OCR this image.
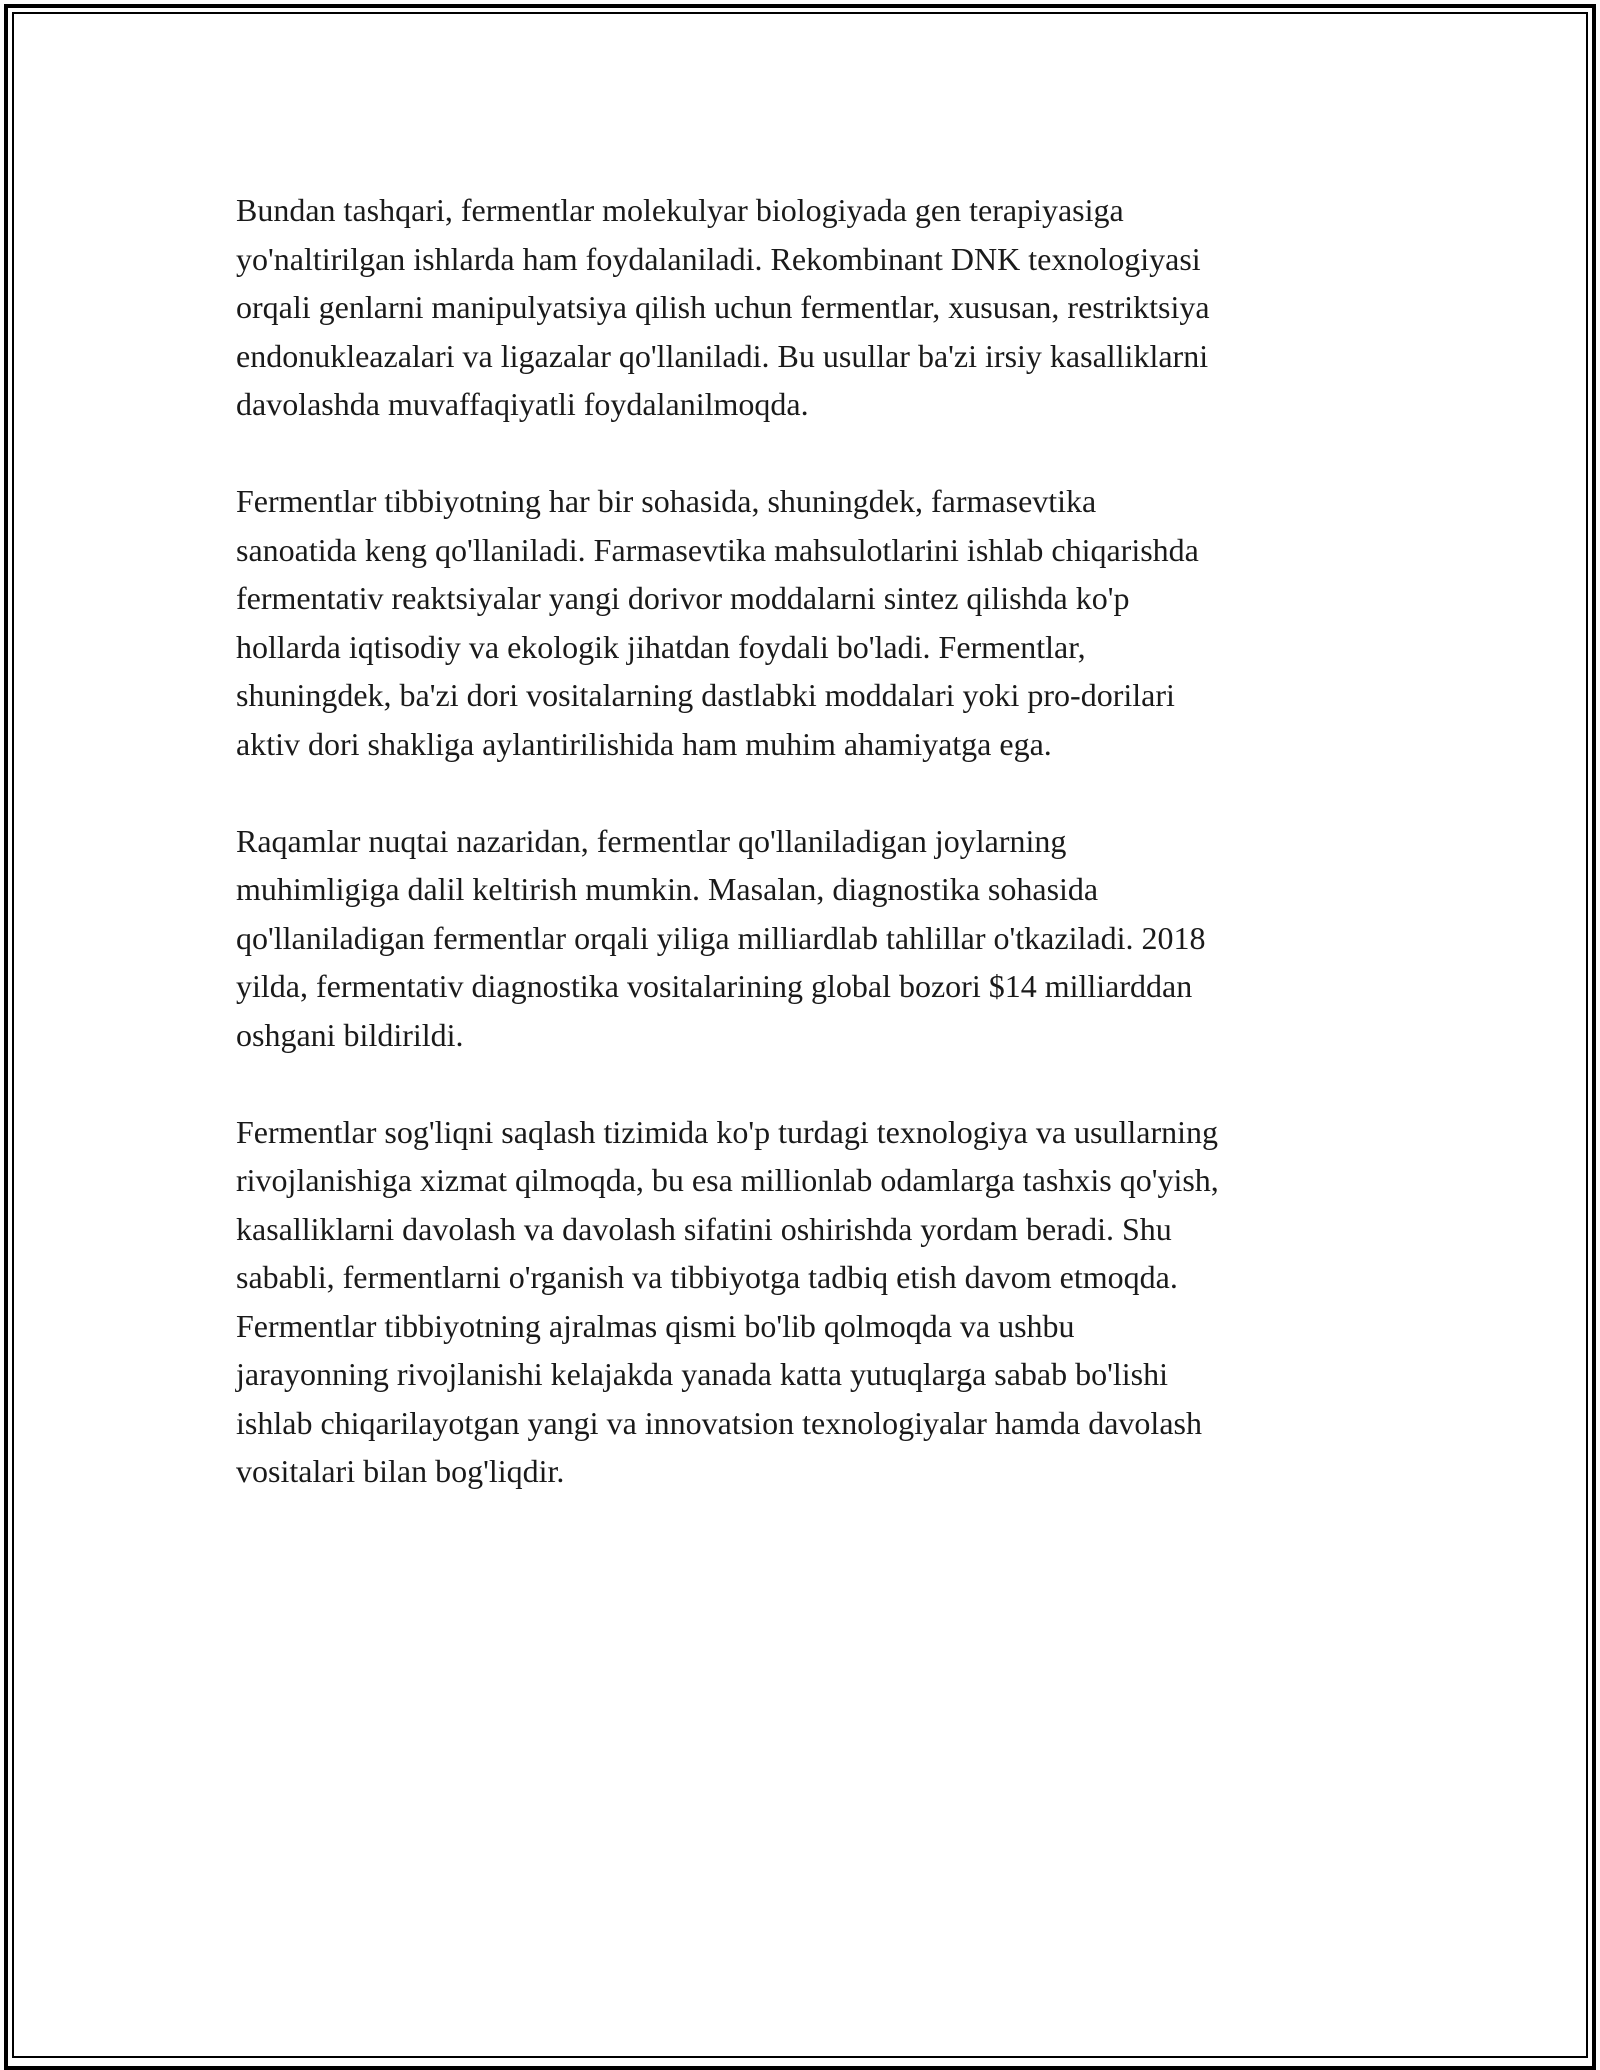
Bundan tashqari, fermentlar molekulyar biologiyada gen terapiyasiga
yo'naltirilgan ishlarda ham foydalaniladi. Rekombinant DNK texnologiyasi
orqali genlarni manipulyatsiya qilish uchun fermentlar, xususan, restriktsiya
endonukleazalari va ligazalar qo'llaniladi. Bu usullar ba'zi irsiy kasalliklarni
davolashda muvaffaqiyatli foydalanilmoqda.

Fermentlar tibbiyotning har bir sohasida, shuningdek, farmasevtika
sanoatida keng qo'llaniladi. Farmasevtika mahsulotlarini ishlab chiqarishda
fermentativ reaktsiyalar yangi dorivor moddalarni sintez qilishda ko'p
hollarda iqtisodiy va ekologik jihatdan foydali bo'ladi. Fermentlar,
shuningdek, ba'zi dori vositalarning dastlabki moddalari yoki pro-dorilari
aktiv dori shakliga aylantirilishida ham muhim ahamiyatga ega.

Raqamlar nuqtai nazaridan, fermentlar qo'llaniladigan joylarning
muhimligiga dalil keltirish mumkin. Masalan, diagnostika sohasida
qo'llaniladigan fermentlar orqali yiliga milliardlab tahlillar o'tkaziladi. 2018
yilda, fermentativ diagnostika vositalarining global bozori $14 milliarddan
oshgani bildirildi.

Fermentlar sog'liqni saqlash tizimida ko'p turdagi texnologiya va usullarning
rivojlanishiga xizmat qilmoqda, bu esa millionlab odamlarga tashxis qo'yish,
kasalliklarni davolash va davolash sifatini oshirishda yordam beradi. Shu
sababli, fermentlarni o'rganish va tibbiyotga tadbiq etish davom etmoqda.
Fermentlar tibbiyotning ajralmas qismi bo'lib qolmoqda va ushbu
jarayonning rivojlanishi kelajakda yanada katta yutuqlarga sabab bo'lishi
ishlab chiqarilayotgan yangi va innovatsion texnologiyalar hamda davolash
vositalari bilan bog'liqdir.
